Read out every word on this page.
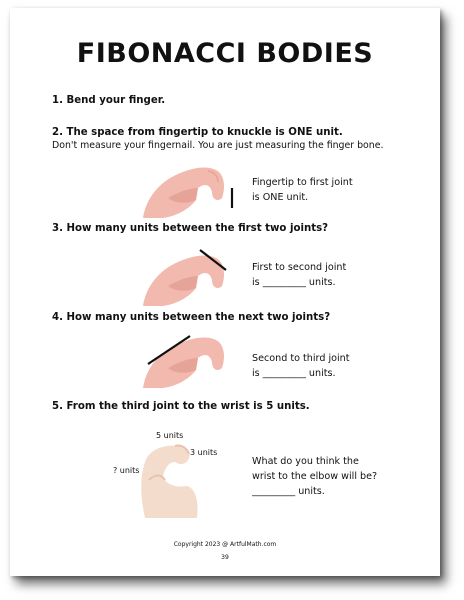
FIBONACCI BODIES
1. Bend your finger.
2. The space from fingertip to knuckle is ONE unit.
Don't measure your fingernail. You are just measuring the finger bone.
Fingertip to first joint
is ONE unit.
3. How many units between the first two joints?
First to second joint
is _________ units.
4. How many units between the next two joints?
Second to third joint
is _________ units.
5. From the third joint to the wrist is 5 units.
5 units
3 units
? units
What do you think the
wrist to the elbow will be?
_________ units.
Copyright 2023 @ ArtfulMath.com
39
